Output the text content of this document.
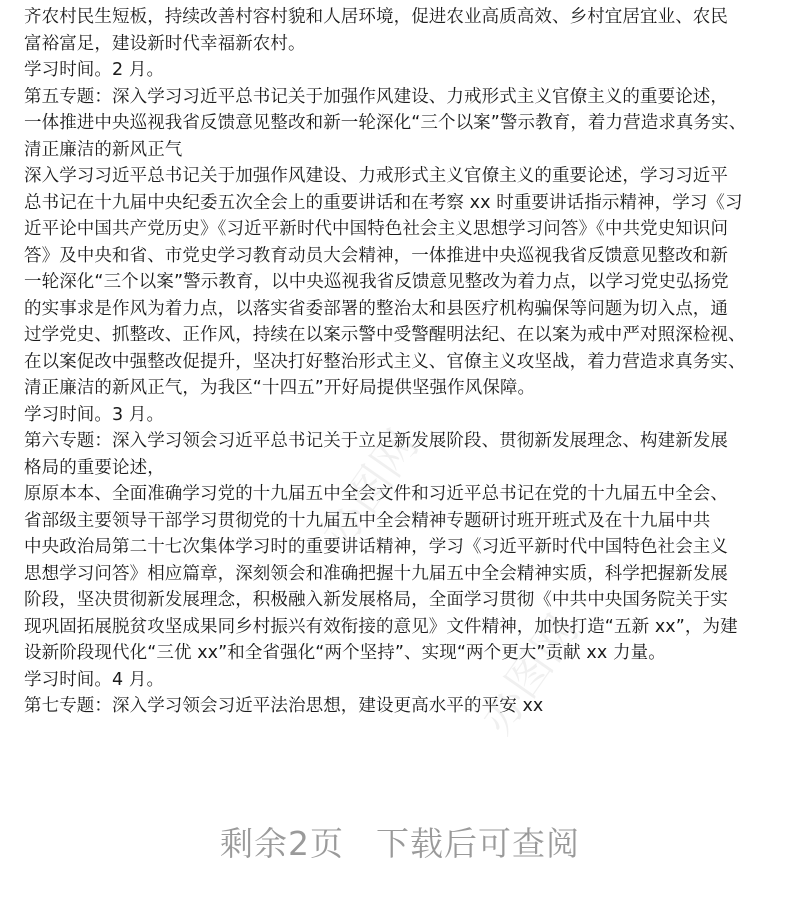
办图网
办图网
齐农村民生短板，持续改善村容村貌和人居环境，促进农业高质高效、乡村宜居宜业、农民
富裕富足，建设新时代幸福新农村。
学习时间。2 月。
第五专题：深入学习习近平总书记关于加强作风建设、力戒形式主义官僚主义的重要论述，
一体推进中央巡视我省反馈意见整改和新一轮深化“三个以案”警示教育，着力营造求真务实、
清正廉洁的新风正气
深入学习习近平总书记关于加强作风建设、力戒形式主义官僚主义的重要论述，学习习近平
总书记在十九届中央纪委五次全会上的重要讲话和在考察 xx 时重要讲话指示精神，学习《习
近平论中国共产党历史》《习近平新时代中国特色社会主义思想学习问答》《中共党史知识问
答》及中央和省、市党史学习教育动员大会精神，一体推进中央巡视我省反馈意见整改和新
一轮深化“三个以案”警示教育，以中央巡视我省反馈意见整改为着力点，以学习党史弘扬党
的实事求是作风为着力点，以落实省委部署的整治太和县医疗机构骗保等问题为切入点，通
过学党史、抓整改、正作风，持续在以案示警中受警醒明法纪、在以案为戒中严对照深检视、
在以案促改中强整改促提升，坚决打好整治形式主义、官僚主义攻坚战，着力营造求真务实、
清正廉洁的新风正气，为我区“十四五”开好局提供坚强作风保障。
学习时间。3 月。
第六专题：深入学习领会习近平总书记关于立足新发展阶段、贯彻新发展理念、构建新发展
格局的重要论述，
原原本本、全面准确学习党的十九届五中全会文件和习近平总书记在党的十九届五中全会、
省部级主要领导干部学习贯彻党的十九届五中全会精神专题研讨班开班式及在十九届中共
中央政治局第二十七次集体学习时的重要讲话精神，学习《习近平新时代中国特色社会主义
思想学习问答》相应篇章，深刻领会和准确把握十九届五中全会精神实质，科学把握新发展
阶段，坚决贯彻新发展理念，积极融入新发展格局，全面学习贯彻《中共中央国务院关于实
现巩固拓展脱贫攻坚成果同乡村振兴有效衔接的意见》文件精神，加快打造“五新 xx”，为建
设新阶段现代化“三优 xx”和全省强化“两个坚持”、实现“两个更大”贡献 xx 力量。
学习时间。4 月。
第七专题：深入学习领会习近平法治思想，建设更高水平的平安 xx
剩余2页 下载后可查阅
